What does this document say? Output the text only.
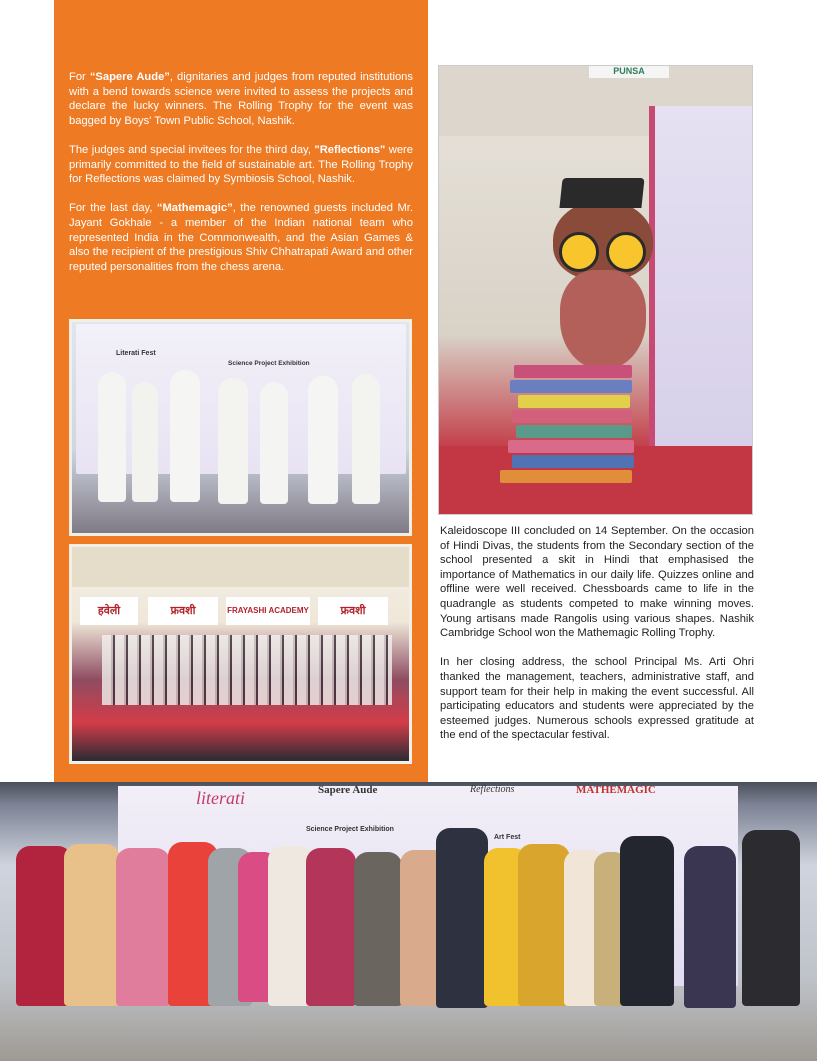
For “Sapere Aude”, dignitaries and judges from reputed institutions with a bend towards science were invited to assess the projects and declare the lucky winners. The Rolling Trophy for the event was bagged by Boys' Town Public School, Nashik.

The judges and special invitees for the third day, "Reflections" were primarily committed to the field of sustainable art. The Rolling Trophy for Reflections was claimed by Symbiosis School, Nashik.

For the last day, “Mathemagic”, the renowned guests included Mr. Jayant Gokhale - a member of the Indian national team who represented India in the Commonwealth, and the Asian Games & also the recipient of the prestigious Shiv Chhatrapati Award and other reputed personalities from the chess arena.

PUNSA
Science Project Exhibition
Literati Fest
हवेली	फ्रवशी	FRAYASHI ACADEMY	फ्रवशी

Kaleidoscope III concluded on 14 September. On the occasion of Hindi Divas, the students from the Secondary section of the school presented a skit in Hindi that emphasised the importance of Mathematics in our daily life. Quizzes online and offline were well received. Chessboards came to life in the quadrangle as students competed to make winning moves. Young artisans made Rangolis using various shapes. Nashik Cambridge School won the Mathemagic Rolling Trophy.

In her closing address, the school Principal Ms. Arti Ohri thanked the management, teachers, administrative staff, and support team for their help in making the event successful. All participating educators and students were appreciated by the esteemed judges. Numerous schools expressed gratitude at the end of the spectacular festival.

literati	Sapere Aude	Reflections	MATHEMAGIC
Science Project Exhibition
Art Fest
